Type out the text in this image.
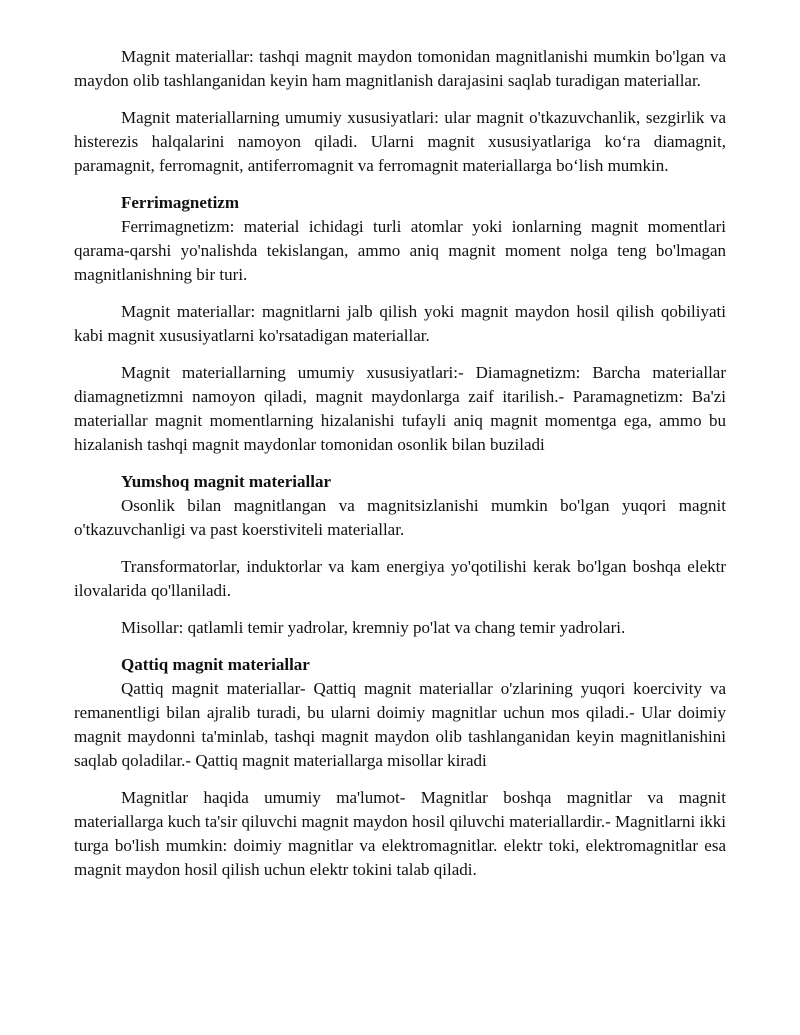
Magnit materiallar: tashqi magnit maydon tomonidan magnitlanishi mumkin bo'lgan va maydon olib tashlanganidan keyin ham magnitlanish darajasini saqlab turadigan materiallar.

Magnit materiallarning umumiy xususiyatlari: ular magnit o'tkazuvchanlik, sezgirlik va histerezis halqalarini namoyon qiladi. Ularni magnit xususiyatlariga ko‘ra diamagnit, paramagnit, ferromagnit, antiferromagnit va ferromagnit materiallarga bo‘lish mumkin.

Ferrimagnetizm

Ferrimagnetizm: material ichidagi turli atomlar yoki ionlarning magnit momentlari qarama-qarshi yo'nalishda tekislangan, ammo aniq magnit moment nolga teng bo'lmagan magnitlanishning bir turi.

Magnit materiallar: magnitlarni jalb qilish yoki magnit maydon hosil qilish qobiliyati kabi magnit xususiyatlarni ko'rsatadigan materiallar.

Magnit materiallarning umumiy xususiyatlari:- Diamagnetizm: Barcha materiallar diamagnetizmni namoyon qiladi, magnit maydonlarga zaif itarilish.- Paramagnetizm: Ba'zi materiallar magnit momentlarning hizalanishi tufayli aniq magnit momentga ega, ammo bu hizalanish tashqi magnit maydonlar tomonidan osonlik bilan buziladi

Yumshoq magnit materiallar

Osonlik bilan magnitlangan va magnitsizlanishi mumkin bo'lgan yuqori magnit o'tkazuvchanligi va past koerstiviteli materiallar.

Transformatorlar, induktorlar va kam energiya yo'qotilishi kerak bo'lgan boshqa elektr ilovalarida qo'llaniladi.

Misollar: qatlamli temir yadrolar, kremniy po'lat va chang temir yadrolari.

Qattiq magnit materiallar

Qattiq magnit materiallar- Qattiq magnit materiallar o'zlarining yuqori koercivity va remanentligi bilan ajralib turadi, bu ularni doimiy magnitlar uchun mos qiladi.- Ular doimiy magnit maydonni ta'minlab, tashqi magnit maydon olib tashlanganidan keyin magnitlanishini saqlab qoladilar.- Qattiq magnit materiallarga misollar kiradi

Magnitlar haqida umumiy ma'lumot- Magnitlar boshqa magnitlar va magnit materiallarga kuch ta'sir qiluvchi magnit maydon hosil qiluvchi materiallardir.- Magnitlarni ikki turga bo'lish mumkin: doimiy magnitlar va elektromagnitlar. elektr toki, elektromagnitlar esa magnit maydon hosil qilish uchun elektr tokini talab qiladi.
